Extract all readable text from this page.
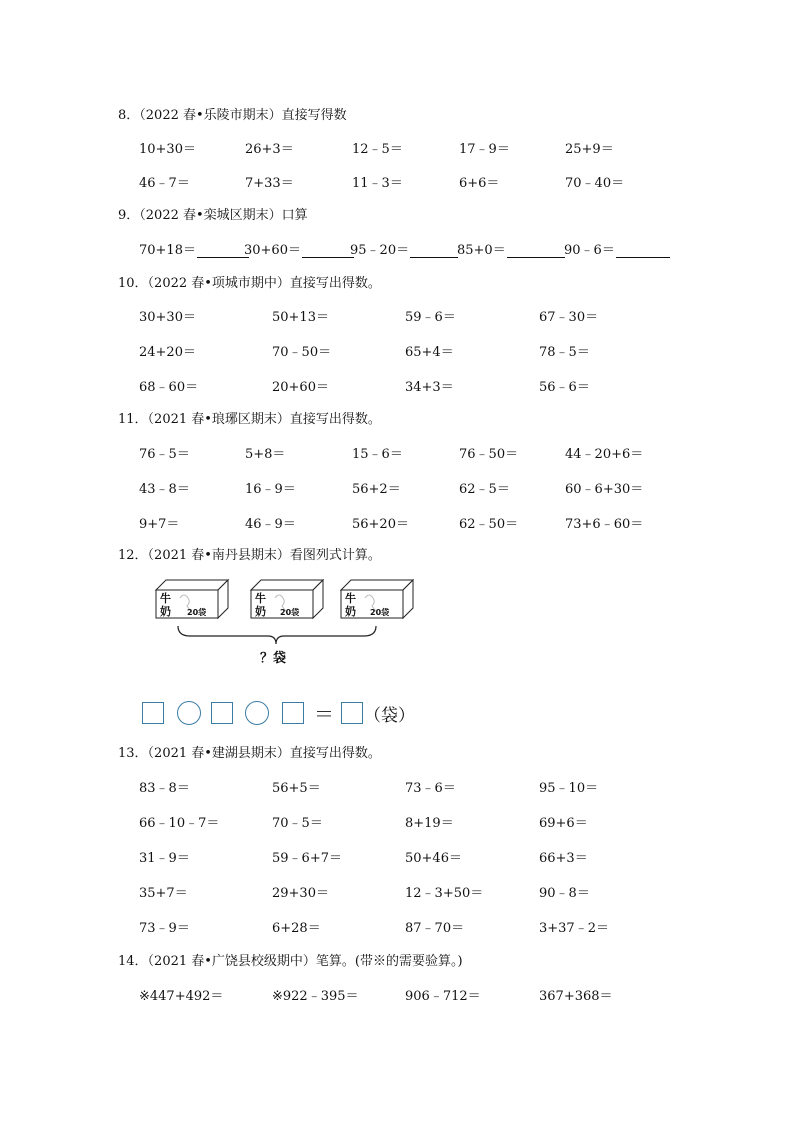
8．（2022 春•乐陵市期末）直接写得数
10+30＝	26+3＝	12﹣5＝	17﹣9＝	25+9＝
46﹣7＝	7+33＝	11﹣3＝	6+6＝	70﹣40＝
9．（2022 春•栾城区期末）口算
70+18＝	30+60＝	95﹣20＝	85+0＝	90﹣6＝
10．（2022 春•项城市期中）直接写出得数。
30+30＝	50+13＝	59﹣6＝	67﹣30＝
24+20＝	70﹣50＝	65+4＝	78﹣5＝
68﹣60＝	20+60＝	34+3＝	56﹣6＝
11．（2021 春•琅琊区期末）直接写出得数。
76﹣5＝	5+8＝	15﹣6＝	76﹣50＝	44﹣20+6＝
43﹣8＝	16﹣9＝	56+2＝	62﹣5＝	60﹣6+30＝
9+7＝	46﹣9＝	56+20＝	62﹣50＝	73+6﹣60＝
12．（2021 春•南丹县期末）看图列式计算。
牛
奶 20袋
牛
奶 20袋
牛
奶 20袋
？袋
＝ （袋）
13．（2021 春•建湖县期末）直接写出得数。
83﹣8＝	56+5＝	73﹣6＝	95﹣10＝
66﹣10﹣7＝	70﹣5＝	8+19＝	69+6＝
31﹣9＝	59﹣6+7＝	50+46＝	66+3＝
35+7＝	29+30＝	12﹣3+50＝	90﹣8＝
73﹣9＝	6+28＝	87﹣70＝	3+37﹣2＝
14．（2021 春•广饶县校级期中）笔算。(带※的需要验算。)
※447+492＝	※922﹣395＝	906﹣712＝	367+368＝
